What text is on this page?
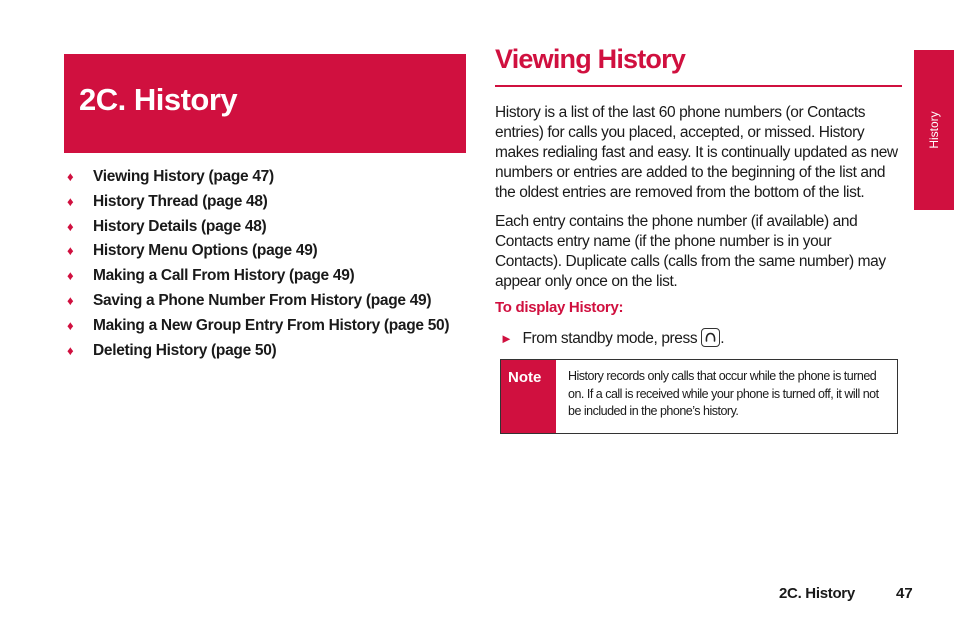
2C. History
♦ Viewing History (page 47)
♦ History Thread (page 48)
♦ History Details (page 48)
♦ History Menu Options (page 49)
♦ Making a Call From History (page 49)
♦ Saving a Phone Number From History (page 49)
♦ Making a New Group Entry From History (page 50)
♦ Deleting History (page 50)
Viewing History

History is a list of the last 60 phone numbers (or Contacts entries) for calls you placed, accepted, or missed. History makes redialing fast and easy. It is continually updated as new numbers or entries are added to the beginning of the list and the oldest entries are removed from the bottom of the list.

Each entry contains the phone number (if available) and Contacts entry name (if the phone number is in your Contacts). Duplicate calls (calls from the same number) may appear only once on the list.

To display History:
► From standby mode, press .
Note	History records only calls that occur while the phone is turned on. If a call is received while your phone is turned off, it will not be included in the phone’s history.

History
2C. History	47
